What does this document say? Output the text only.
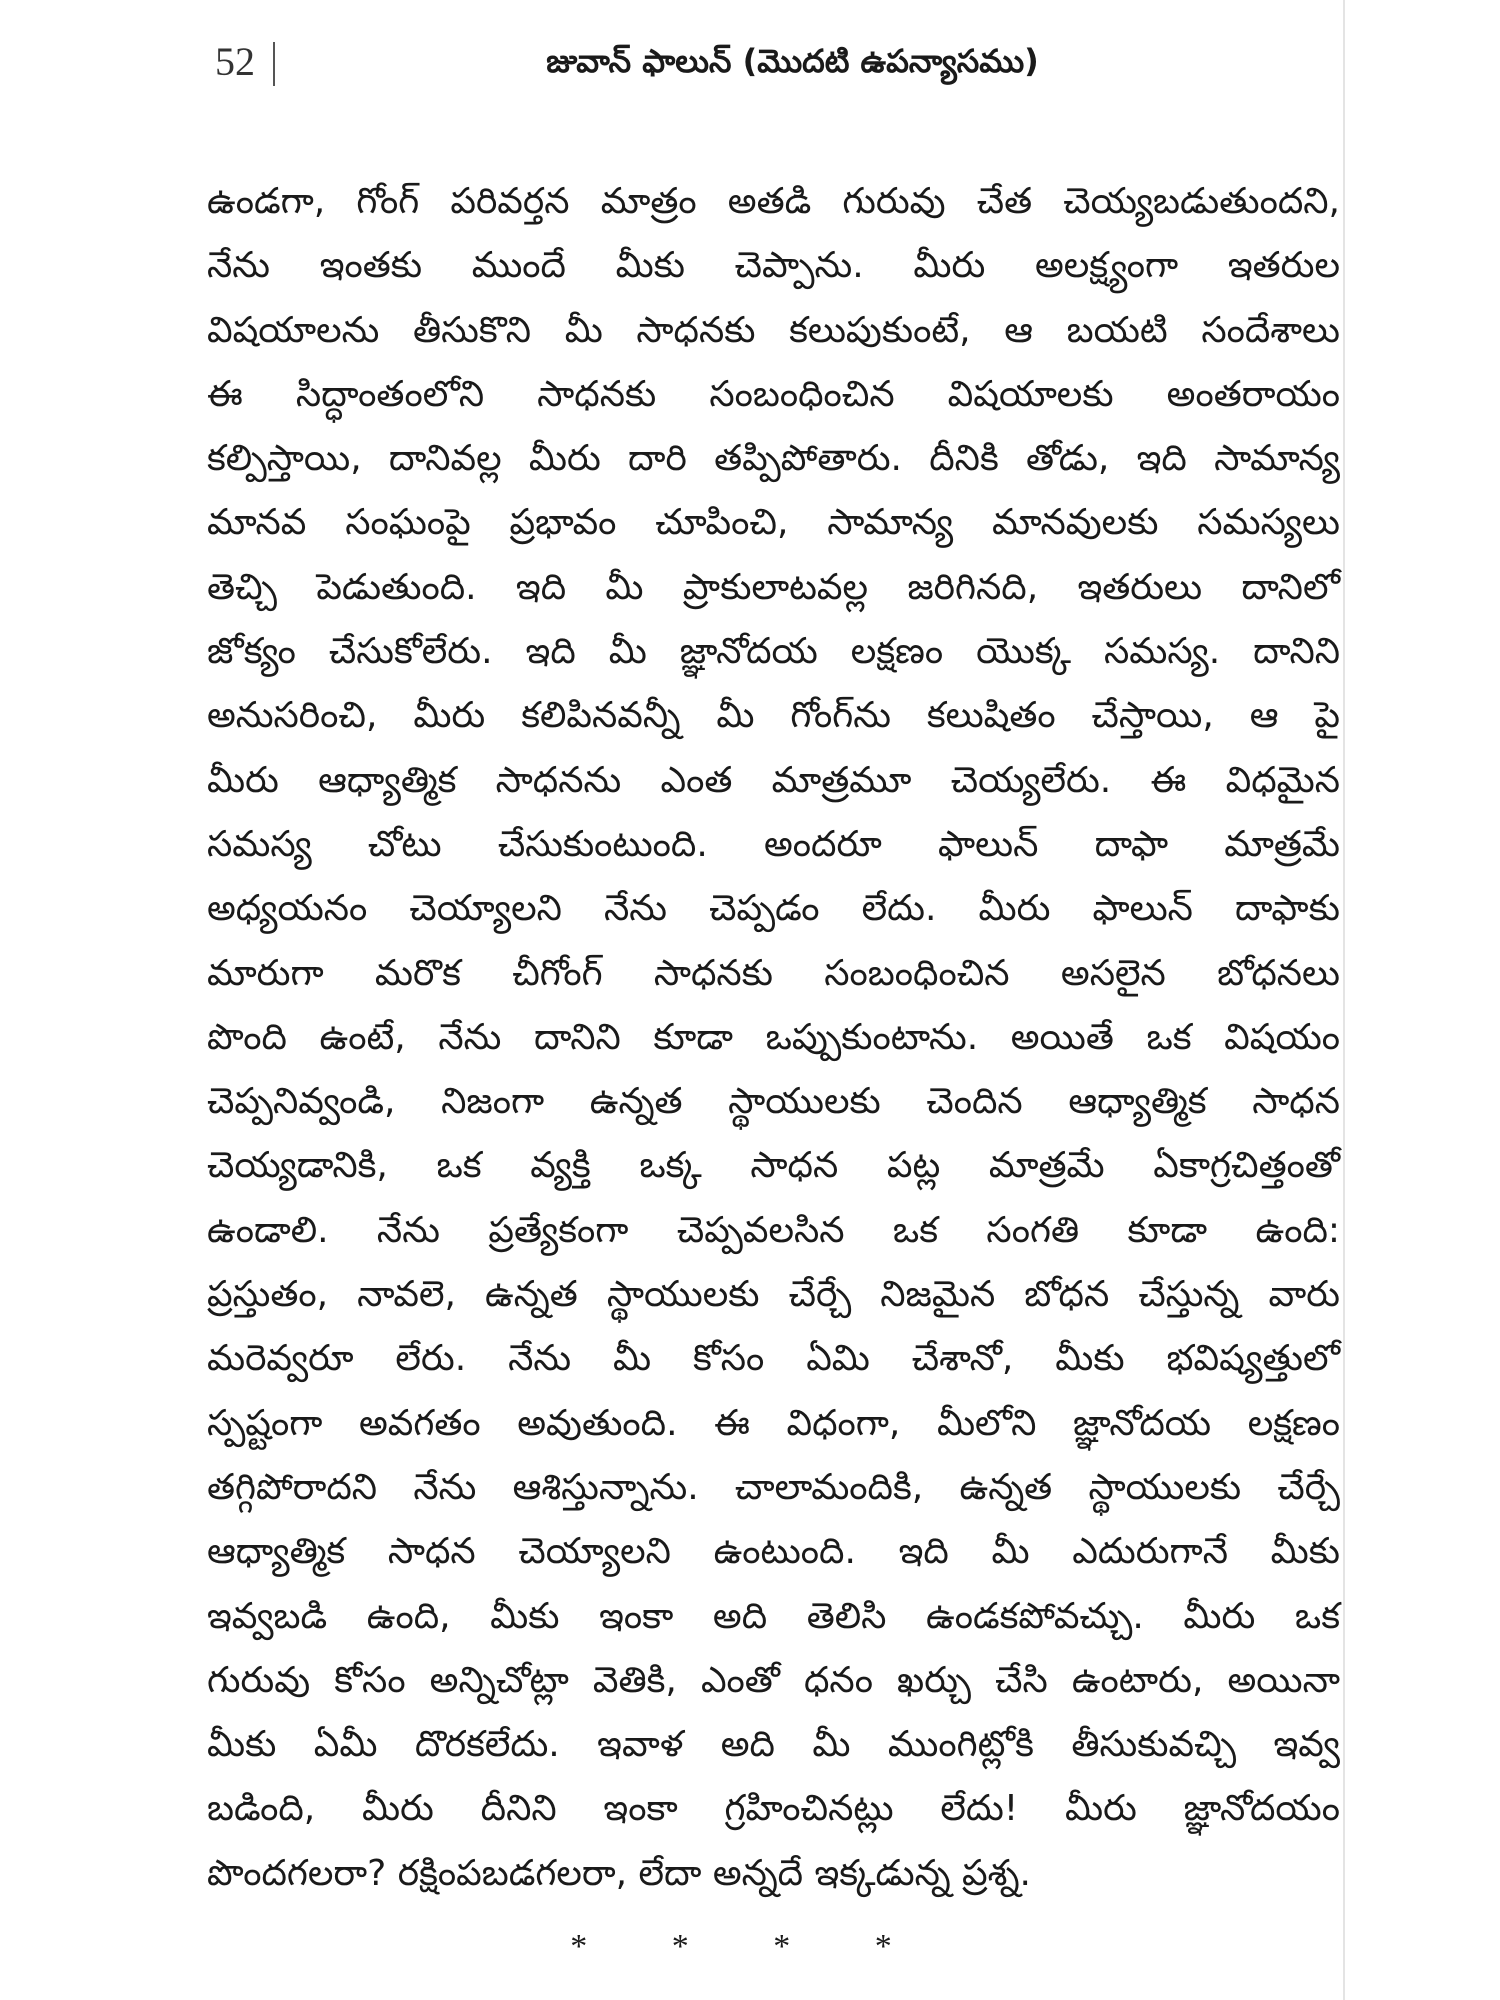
52	జువాన్ ఫాలున్ (మొదటి ఉపన్యాసము)
ఉండగా, గోంగ్ పరివర్తన మాత్రం అతడి గురువు చేత చెయ్యబడుతుందని,
నేను ఇంతకు ముందే మీకు చెప్పాను. మీరు అలక్ష్యంగా ఇతరుల
విషయాలను తీసుకొని మీ సాధనకు కలుపుకుంటే, ఆ బయటి సందేశాలు
ఈ సిద్ధాంతంలోని సాధనకు సంబంధించిన విషయాలకు అంతరాయం
కల్పిస్తాయి, దానివల్ల మీరు దారి తప్పిపోతారు. దీనికి తోడు, ఇది సామాన్య
మానవ సంఘంపై ప్రభావం చూపించి, సామాన్య మానవులకు సమస్యలు
తెచ్చి పెడుతుంది. ఇది మీ ప్రాకులాటవల్ల జరిగినది, ఇతరులు దానిలో
జోక్యం చేసుకోలేరు. ఇది మీ జ్ఞానోదయ లక్షణం యొక్క సమస్య. దానిని
అనుసరించి, మీరు కలిపినవన్నీ మీ గోంగ్‌ను కలుషితం చేస్తాయి, ఆ పై
మీరు ఆధ్యాత్మిక సాధనను ఎంత మాత్రమూ చెయ్యలేరు. ఈ విధమైన
సమస్య చోటు చేసుకుంటుంది. అందరూ ఫాలున్ దాఫా మాత్రమే
అధ్యయనం చెయ్యాలని నేను చెప్పడం లేదు. మీరు ఫాలున్ దాఫాకు
మారుగా మరొక చీగోంగ్ సాధనకు సంబంధించిన అసలైన బోధనలు
పొంది ఉంటే, నేను దానిని కూడా ఒప్పుకుంటాను. అయితే ఒక విషయం
చెప్పనివ్వండి, నిజంగా ఉన్నత స్థాయులకు చెందిన ఆధ్యాత్మిక సాధన
చెయ్యడానికి, ఒక వ్యక్తి ఒక్క సాధన పట్ల మాత్రమే ఏకాగ్రచిత్తంతో
ఉండాలి. నేను ప్రత్యేకంగా చెప్పవలసిన ఒక సంగతి కూడా ఉంది:
ప్రస్తుతం, నావలె, ఉన్నత స్థాయులకు చేర్చే నిజమైన బోధన చేస్తున్న వారు
మరెవ్వరూ లేరు. నేను మీ కోసం ఏమి చేశానో, మీకు భవిష్యత్తులో
స్పష్టంగా అవగతం అవుతుంది. ఈ విధంగా, మీలోని జ్ఞానోదయ లక్షణం
తగ్గిపోరాదని నేను ఆశిస్తున్నాను. చాలామందికి, ఉన్నత స్థాయులకు చేర్చే
ఆధ్యాత్మిక సాధన చెయ్యాలని ఉంటుంది. ఇది మీ ఎదురుగానే మీకు
ఇవ్వబడి ఉంది, మీకు ఇంకా అది తెలిసి ఉండకపోవచ్చు. మీరు ఒక
గురువు కోసం అన్నిచోట్లా వెతికి, ఎంతో ధనం ఖర్చు చేసి ఉంటారు, అయినా
మీకు ఏమీ దొరకలేదు. ఇవాళ అది మీ ముంగిట్లోకి తీసుకువచ్చి ఇవ్వ
బడింది, మీరు దీనిని ఇంకా గ్రహించినట్లు లేదు! మీరు జ్ఞానోదయం
పొందగలరా? రక్షింపబడగలరా, లేదా అన్నదే ఇక్కడున్న ప్రశ్న.
* * * *
